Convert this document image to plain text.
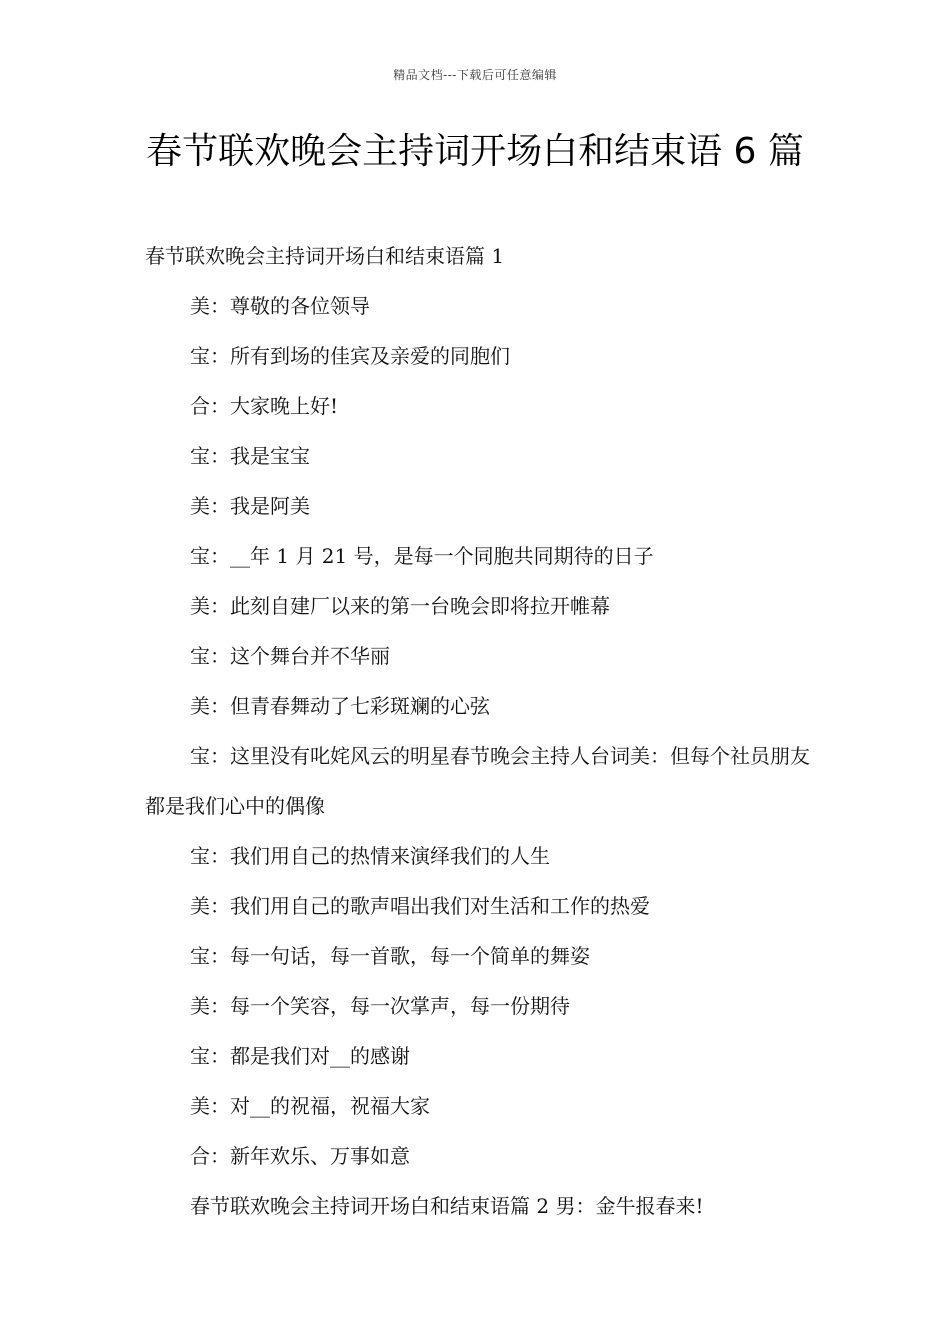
精品文档---下载后可任意编辑
春节联欢晚会主持词开场白和结束语 6 篇

春节联欢晚会主持词开场白和结束语篇 1

美：尊敬的各位领导

宝：所有到场的佳宾及亲爱的同胞们

合：大家晚上好!

宝：我是宝宝

美：我是阿美

宝：__年 1 月 21 号，是每一个同胞共同期待的日子

美：此刻自建厂以来的第一台晚会即将拉开帷幕

宝：这个舞台并不华丽

美：但青春舞动了七彩斑斓的心弦

宝：这里没有叱姹风云的明星春节晚会主持人台词美：但每个社员朋友都是我们心中的偶像

宝：我们用自己的热情来演绎我们的人生

美：我们用自己的歌声唱出我们对生活和工作的热爱

宝：每一句话，每一首歌，每一个简单的舞姿

美：每一个笑容，每一次掌声，每一份期待

宝：都是我们对__的感谢

美：对__的祝福，祝福大家

合：新年欢乐、万事如意

春节联欢晚会主持词开场白和结束语篇 2 男：金牛报春来!
